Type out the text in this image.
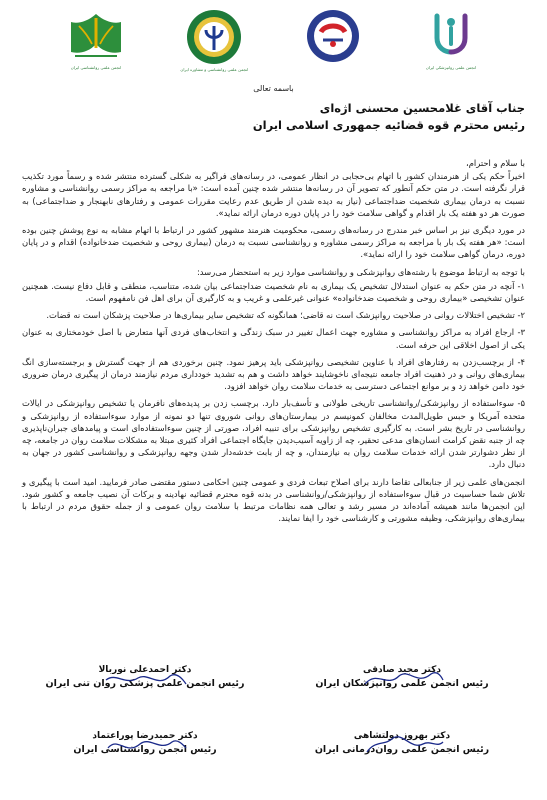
انجمن علمی روانشناسی ایران	انجمن علمی روانشناسی و مشاوره ایران	انجمن علمی روانپزشکی ایران
باسمه تعالی
جناب آقای غلامحسین محسنی اژه‌ای
رئیس محترم قوه قضائیه جمهوری اسلامی ایران

با سلام و احترام،

اخیراً حکم یکی از هنرمندان کشور با اتهام بی‌حجابی در انظار عمومی، در رسانه‌های فراگیر به شکلی گسترده منتشر شده و رسماً مورد تکذیب قرار نگرفته است. در متن حکم آنطور که تصویر آن در رسانه‌ها منتشر شده چنین آمده است: «با مراجعه به مراکز رسمی روانشناسی و مشاوره نسبت به درمان بیماری شخصیت ضداجتماعی (نیاز به دیده شدن از طریق عدم رعایت مقررات عمومی و رفتارهای نابهنجار و ضداجتماعی) به صورت هر دو هفته یک بار اقدام و گواهی سلامت خود را در پایان دوره درمان ارائه نماید».

در مورد دیگری نیز بر اساس خبر مندرج در رسانه‌های رسمی، محکومیت هنرمند مشهور کشور در ارتباط با اتهام مشابه به نوع پوشش چنین بوده است: «هر هفته یک بار با مراجعه به مراکز رسمی مشاوره و روانشناسی نسبت به درمان (بیماری روحی و شخصیت ضدخانواده) اقدام و در پایان دوره، درمان گواهی سلامت خود را ارائه نماید».

با توجه به ارتباط موضوع با رشته‌های روانپزشکی و روانشناسی موارد زیر به استحضار می‌رسد:

۱- آنچه در متن حکم به عنوان استدلال تشخیص یک بیماری به نام شخصیت ضداجتماعی بیان شده، متناسب، منطقی و قابل دفاع نیست. همچنین عنوان تشخیصی «بیماری روحی و شخصیت ضدخانواده» عنوانی غیرعلمی و غریب و به کارگیری آن برای اهل فن نامفهوم است.

۲- تشخیص اختلالات روانی در صلاحیت روانپزشک است نه قاضی؛ همانگونه که تشخیص سایر بیماری‌ها در صلاحیت پزشکان است نه قضات.

۳- ارجاع افراد به مراکز روانشناسی و مشاوره جهت اعمال تغییر در سبک زندگی و انتخاب‌های فردی آنها متعارض با اصل خودمختاری به عنوان یکی از اصول اخلاقی این حرفه است.

۴- از برچسب‌زدن به رفتارهای افراد با عناوین تشخیصی روانپزشکی باید پرهیز نمود. چنین برخوردی هم از جهت گسترش و برجسته‌سازی انگ بیماری‌های روانی و در ذهنیت افراد جامعه نتیجه‌ای ناخوشایند خواهد داشت و هم به تشدید خودداری مردم نیازمند درمان از پیگیری درمان ضروری خود دامن خواهد زد و بر موانع اجتماعی دسترسی به خدمات سلامت روان خواهد افزود.

۵- سوءاستفاده از روانپزشکی/روانشناسی تاریخی طولانی و تأسف‌بار دارد. برچسب زدن بر پدیده‌های نافرمان یا تشخیص روانپزشکی در ایالات متحده آمریکا و حبس طویل‌المدت مخالفان کمونیسم در بیمارستان‌های روانی شوروی تنها دو نمونه از موارد سوءاستفاده از روانپزشکی و روانشناسی در تاریخ بشر است. به کارگیری تشخیص روانپزشکی برای تنبیه افراد، صورتی از چنین سوءاستفاده‌ای است و پیامدهای جبران‌ناپذیری چه از جنبه نقض کرامت انسان‌های مدعی تحقیر، چه از زاویه آسیب‌دیدن جایگاه اجتماعی افراد کثیری مبتلا به مشکلات سلامت روان در جامعه، چه از نظر دشوارتر شدن ارائه خدمات سلامت روان به نیازمندان، و چه از بابت خدشه‌دار شدن وجهه روانپزشکی و روانشناسی کشور در جهان به دنبال دارد.

انجمن‌های علمی زیر از جنابعالی تقاضا دارند برای اصلاح تبعات فردی و عمومی چنین احکامی دستور مقتضی صادر فرمایید. امید است با پیگیری و تلاش شما حساسیت در قبال سوءاستفاده از روانپزشکی/روانشناسی در بدنه قوه محترم قضائیه نهادینه و برکات آن نصیب جامعه و کشور شود. این انجمن‌ها مانند همیشه آماده‌اند در مسیر رشد و تعالی همه نظامات مرتبط با سلامت روان عمومی و از جمله حقوق مردم در ارتباط با بیماری‌های روانپزشکی، وظیفه مشورتی و کارشناسی خود را ایفا نمایند.

دکتر مجید صادقی
رئیس انجمن علمی روانپزشکان ایران
دکتر احمدعلی نوربالا
رئیس انجمن علمی پزشکی روان تنی ایران
دکتر بهروز دولتشاهی
رئیس انجمن علمی روان‌درمانی ایران
دکتر حمیدرضا پوراعتماد
رئیس انجمن روانشناسی ایران
